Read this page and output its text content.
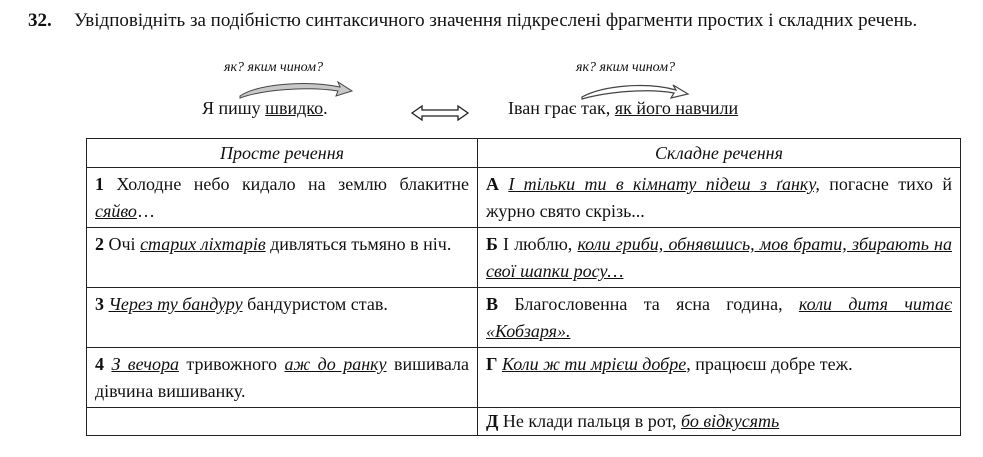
32. Увідповідніть за подібністю синтаксичного значення підкреслені фрагменти простих і складних речень.
як? яким чином?	як? яким чином?
Я пишу швидко.	Іван грає так, як його навчили
Просте речення	Складне речення
1 Холодне небо кидало на землю блакитне сяйво…	А І тільки ти в кімнату підеш з ґанку, погасне тихо й журно свято скрізь...
2 Очі старих ліхтарів дивляться тьмяно в ніч.	Б І люблю, коли гриби, обнявшись, мов брати, збирають на свої шапки росу…
3 Через ту бандуру бандуристом став.	В Благословенна та ясна година, коли дитя читає «Кобзаря».
4 З вечора тривожного аж до ранку вишивала дівчина вишиванку.	Г Коли ж ти мрієш добре, працюєш добре теж.
	Д Не клади пальця в рот, бо відкусять
